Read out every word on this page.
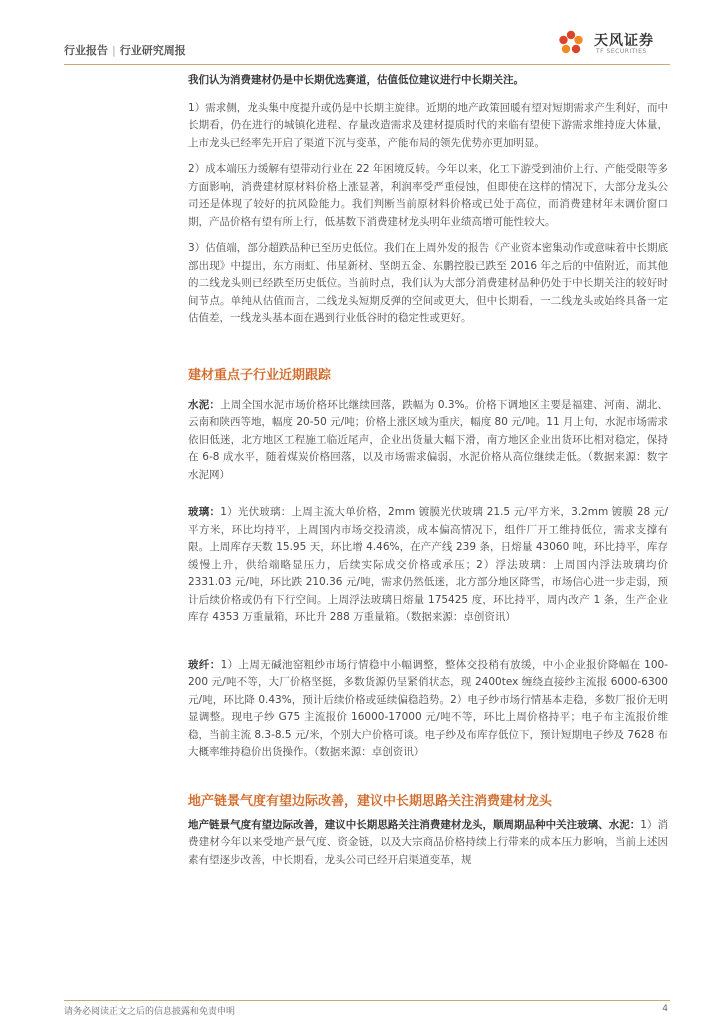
行业报告 | 行业研究周报
天风证券
TF SECURITIES

我们认为消费建材仍是中长期优选赛道，估值低位建议进行中长期关注。

1）需求侧，龙头集中度提升或仍是中长期主旋律。近期的地产政策回暖有望对短期需求产生利好，而中长期看，仍在进行的城镇化进程、存量改造需求及建材提质时代的来临有望使下游需求维持庞大体量，上市龙头已经率先开启了渠道下沉与变革，产能布局的领先优势亦更加明显。

2）成本端压力缓解有望带动行业在 22 年困境反转。今年以来，化工下游受到油价上行、产能受限等多方面影响，消费建材原材料价格上涨显著，利润率受严重侵蚀，但即使在这样的情况下，大部分龙头公司还是体现了较好的抗风险能力。我们判断当前原材料价格或已处于高位，而消费建材年末调价窗口期，产品价格有望有所上行，低基数下消费建材龙头明年业绩高增可能性较大。

3）估值端，部分超跌品种已至历史低位。我们在上周外发的报告《产业资本密集动作或意味着中长期底部出现》中提出，东方雨虹、伟星新材、坚朗五金、东鹏控股已跌至 2016 年之后的中值附近，而其他的二线龙头则已经跌至历史低位。当前时点，我们认为大部分消费建材品种仍处于中长期关注的较好时间节点。单纯从估值而言，二线龙头短期反弹的空间或更大，但中长期看，一二线龙头或始终具备一定估值差，一线龙头基本面在遇到行业低谷时的稳定性或更好。

建材重点子行业近期跟踪

水泥：上周全国水泥市场价格环比继续回落，跌幅为 0.3%。价格下调地区主要是福建、河南、湖北、云南和陕西等地，幅度 20-50 元/吨；价格上涨区域为重庆，幅度 80 元/吨。11 月上旬，水泥市场需求依旧低迷，北方地区工程施工临近尾声，企业出货量大幅下滑，南方地区企业出货环比相对稳定，保持在 6-8 成水平，随着煤炭价格回落，以及市场需求偏弱，水泥价格从高位继续走低。（数据来源：数字水泥网）

玻璃：1）光伏玻璃：上周主流大单价格，2mm 镀膜光伏玻璃 21.5 元/平方米，3.2mm 镀膜 28 元/平方米，环比均持平，上周国内市场交投清淡，成本偏高情况下，组件厂开工维持低位，需求支撑有限。上周库存天数 15.95 天，环比增 4.46%，在产产线 239 条，日熔量 43060 吨，环比持平，库存缓慢上升，供给端略显压力，后续实际成交价格或承压；2）浮法玻璃：上周国内浮法玻璃均价 2331.03 元/吨，环比跌 210.36 元/吨，需求仍然低迷，北方部分地区降雪，市场信心进一步走弱，预计后续价格或仍有下行空间。上周浮法玻璃日熔量 175425 度，环比持平，周内改产 1 条，生产企业库存 4353 万重量箱，环比升 288 万重量箱。（数据来源：卓创资讯）

玻纤：1）上周无碱池窑粗纱市场行情稳中小幅调整，整体交投稍有放缓，中小企业报价降幅在 100-200 元/吨不等，大厂价格坚挺，多数货源仍呈紧俏状态，现 2400tex 缠绕直接纱主流报 6000-6300 元/吨，环比降 0.43%，预计后续价格或延续偏稳趋势。2）电子纱市场行情基本走稳，多数厂报价无明显调整。现电子纱 G75 主流报价 16000-17000 元/吨不等，环比上周价格持平；电子布主流报价维稳，当前主流 8.3-8.5 元/米，个别大户价格可谈。电子纱及布库存低位下，预计短期电子纱及 7628 布大概率维持稳价出货操作。（数据来源：卓创资讯）

地产链景气度有望边际改善，建议中长期思路关注消费建材龙头

地产链景气度有望边际改善，建议中长期思路关注消费建材龙头，顺周期品种中关注玻璃、水泥：1）消费建材今年以来受地产景气度、资金链，以及大宗商品价格持续上行带来的成本压力影响，当前上述因素有望逐步改善，中长期看，龙头公司已经开启渠道变革，规

请务必阅读正文之后的信息披露和免责申明	4
